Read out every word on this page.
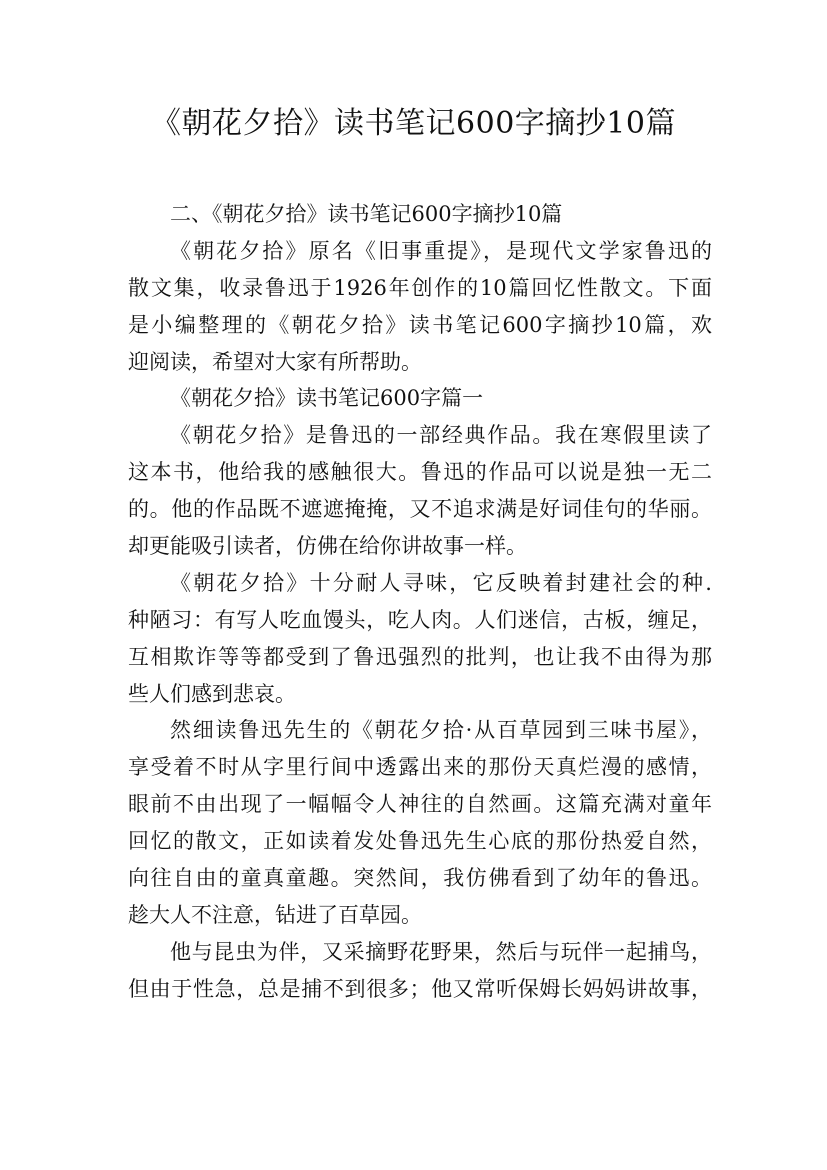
《朝花夕拾》读书笔记600字摘抄10篇
二、《朝花夕拾》读书笔记600字摘抄10篇
《朝花夕拾》原名《旧事重提》，是现代文学家鲁迅的
散文集，收录鲁迅于1926年创作的10篇回忆性散文。下面
是小编整理的《朝花夕拾》读书笔记600字摘抄10篇，欢
迎阅读，希望对大家有所帮助。
《朝花夕拾》读书笔记600字篇一
《朝花夕拾》是鲁迅的一部经典作品。我在寒假里读了
这本书，他给我的感触很大。鲁迅的作品可以说是独一无二
的。他的作品既不遮遮掩掩，又不追求满是好词佳句的华丽。
却更能吸引读者，仿佛在给你讲故事一样。
《朝花夕拾》十分耐人寻味，它反映着封建社会的种.
种陋习：有写人吃血馒头，吃人肉。人们迷信，古板，缠足，
互相欺诈等等都受到了鲁迅强烈的批判，也让我不由得为那
些人们感到悲哀。
然细读鲁迅先生的《朝花夕拾·从百草园到三味书屋》，
享受着不时从字里行间中透露出来的那份天真烂漫的感情，
眼前不由出现了一幅幅令人神往的自然画。这篇充满对童年
回忆的散文，正如读着发处鲁迅先生心底的那份热爱自然，
向往自由的童真童趣。突然间，我仿佛看到了幼年的鲁迅。
趁大人不注意，钻进了百草园。
他与昆虫为伴，又采摘野花野果，然后与玩伴一起捕鸟，
但由于性急，总是捕不到很多；他又常听保姆长妈妈讲故事，
